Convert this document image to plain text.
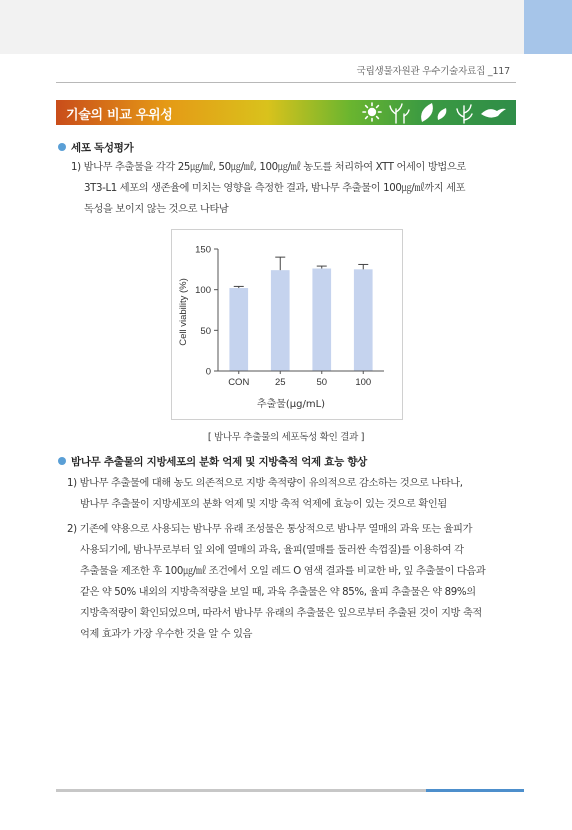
국립생물자원관 우수기술자료집 _117
기술의 비교 우위성
세포 독성평가
1) 밤나무 추출물을 각각 25㎍/㎖, 50㎍/㎖, 100㎍/㎖ 농도를 처리하여 XTT 어세이 방법으로
3T3-L1 세포의 생존율에 미치는 영향을 측정한 결과, 밤나무 추출물이 100㎍/㎖까지 세포
독성을 보이지 않는 것으로 나타남
0
50
100
150
CON	25	50	100
Cell viability (%)
추출물(μg/mL)
[ 밤나무 추출물의 세포독성 확인 결과 ]
밤나무 추출물의 지방세포의 분화 억제 및 지방축적 억제 효능 향상
1) 밤나무 추출물에 대해 농도 의존적으로 지방 축적량이 유의적으로 감소하는 것으로 나타나,
밤나무 추출물이 지방세포의 분화 억제 및 지방 축적 억제에 효능이 있는 것으로 확인됨
2) 기존에 약용으로 사용되는 밤나무 유래 조성물은 통상적으로 밤나무 열매의 과육 또는 율피가
사용되기에, 밤나무로부터 잎 외에 열매의 과육, 율피(열매를 둘러싼 속껍질)를 이용하여 각
추출물을 제조한 후 100㎍/㎖ 조건에서 오일 레드 O 염색 결과를 비교한 바, 잎 추출물이 다음과
같은 약 50% 내외의 지방축적량을 보일 때, 과육 추출물은 약 85%, 율피 추출물은 약 89%의
지방축적량이 확인되었으며, 따라서 밤나무 유래의 추출물은 잎으로부터 추출된 것이 지방 축적
억제 효과가 가장 우수한 것을 알 수 있음
